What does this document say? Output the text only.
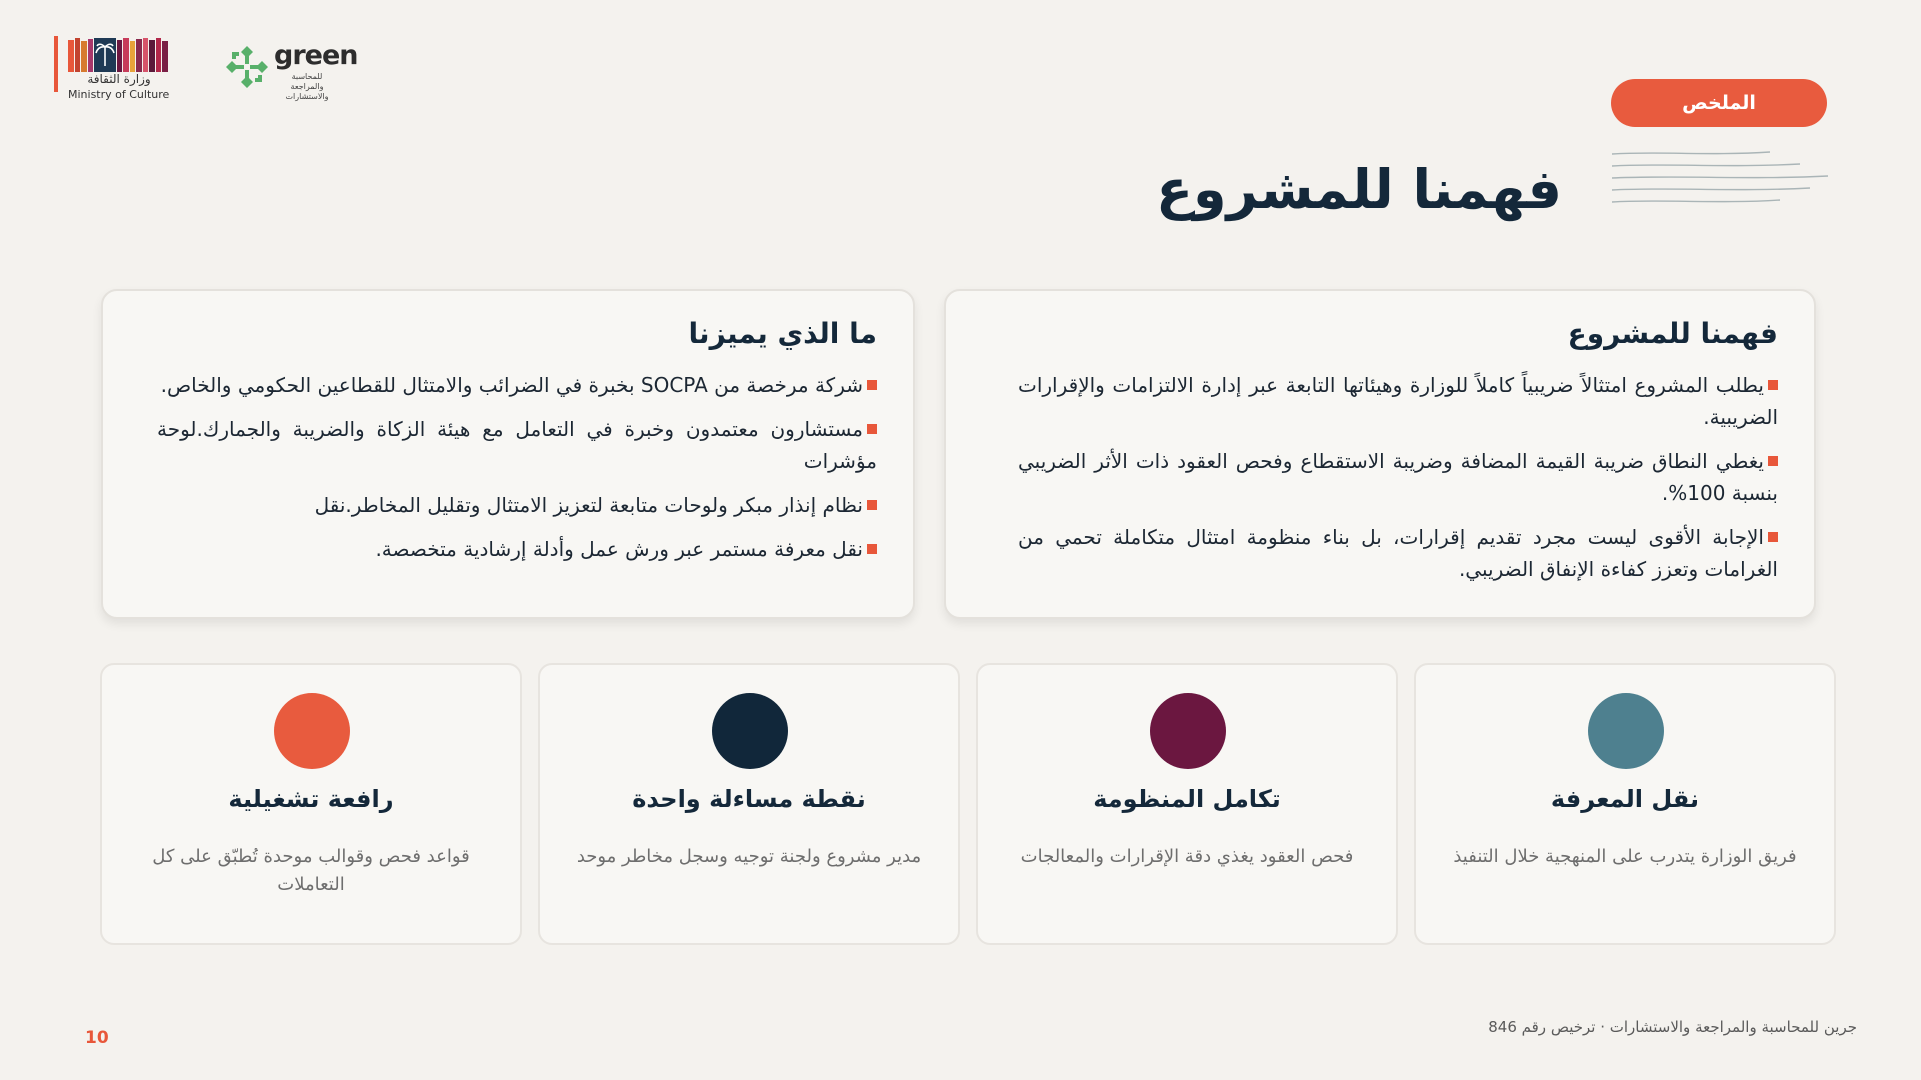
وزارة الثقافة
Ministry of Culture
green
للمحاسبة والمراجعة والاستشارات	الملخص
فهمنا للمشروع
فهمنا للمشروع
يطلب المشروع امتثالاً ضريبياً كاملاً للوزارة وهيئاتها التابعة عبر إدارة الالتزامات والإقرارات الضريبية.
يغطي النطاق ضريبة القيمة المضافة وضريبة الاستقطاع وفحص العقود ذات الأثر الضريبي بنسبة 100%.
الإجابة الأقوى ليست مجرد تقديم إقرارات، بل بناء منظومة امتثال متكاملة تحمي من الغرامات وتعزز كفاءة الإنفاق الضريبي.
ما الذي يميزنا
شركة مرخصة من SOCPA بخبرة في الضرائب والامتثال للقطاعين الحكومي والخاص.
مستشارون معتمدون وخبرة في التعامل مع هيئة الزكاة والضريبة والجمارك.لوحة مؤشرات
نظام إنذار مبكر ولوحات متابعة لتعزيز الامتثال وتقليل المخاطر.نقل
نقل معرفة مستمر عبر ورش عمل وأدلة إرشادية متخصصة.
نقل المعرفة
فريق الوزارة يتدرب على المنهجية خلال التنفيذ
تكامل المنظومة
فحص العقود يغذي دقة الإقرارات والمعالجات
نقطة مساءلة واحدة
مدير مشروع ولجنة توجيه وسجل مخاطر موحد
رافعة تشغيلية
قواعد فحص وقوالب موحدة تُطبّق على كل التعاملات
جرين للمحاسبة والمراجعة والاستشارات · ترخيص رقم 846
10
